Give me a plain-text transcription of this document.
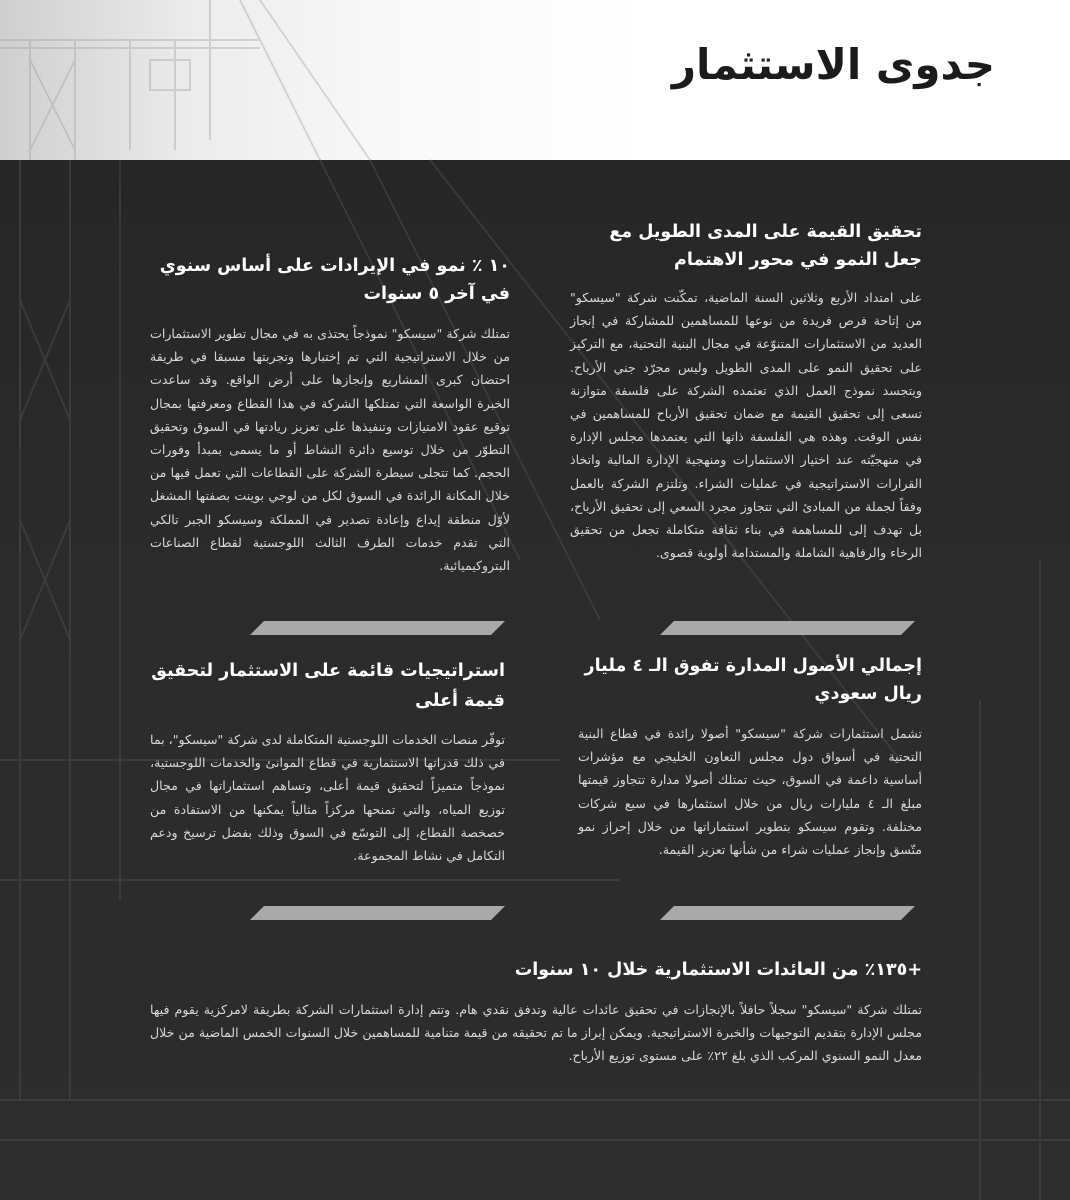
جدوى الاستثمار
تحقيق القيمة على المدى الطويل مع جعل النمو في محور الاهتمام

على امتداد الأربع وثلاثين السنة الماضية، تمكّنت شركة "سيسكو" من إتاحة فرص فريدة من نوعها للمساهمين للمشاركة في إنجاز العديد من الاستثمارات المتنوّعة في مجال البنية التحتية، مع التركيز على تحقيق النمو على المدى الطويل وليس مجرّد جني الأرباح. ويتجسد نموذج العمل الذي تعتمده الشركة على فلسفة متوازنة تسعى إلى تحقيق القيمة مع ضمان تحقيق الأرباح للمساهمين في نفس الوقت. وهذه هي الفلسفة ذاتها التي يعتمدها مجلس الإدارة في منهجيّته عند اختيار الاستثمارات ومنهجية الإدارة المالية واتخاذ القرارات الاستراتيجية في عمليات الشراء. وتلتزم الشركة بالعمل وفقاً لجملة من المبادئ التي تتجاوز مجرد السعي إلى تحقيق الأرباح، بل تهدف إلى للمساهمة في بناء ثقافة متكاملة تجعل من تحقيق الرخاء والرفاهية الشاملة والمستدامة أولوية قصوى.

١٠ ٪ نمو في الإيرادات على أساس سنوي في آخر ٥ سنوات

تمتلك شركة "سيسكو" نموذجاً يحتذى به في مجال تطوير الاستثمارات من خلال الاستراتيجية التي تم إختبارها وتجربتها مسبقا في طريقة احتضان كبرى المشاريع وإنجازها على أرض الواقع. وقد ساعدت الخبرة الواسعة التي تمتلكها الشركة في هذا القطاع ومعرفتها بمجال توقيع عقود الامتيازات وتنفيذها على تعزيز ريادتها في السوق وتحقيق التطوّر من خلال توسيع دائرة النشاط أو ما يسمى بمبدأ وفورات الحجم. كما تتجلى سيطرة الشركة على القطاعات التي تعمل فيها من خلال المكانة الرائدة في السوق لكل من لوجي بوينت بصفتها المشغل لأوّل منطقة إيداع وإعادة تصدير في المملكة وسيسكو الجبر تالكي التي تقدم خدمات الطرف الثالث اللوجستية لقطاع الصناعات البتروكيميائية.

إجمالي الأصول المدارة تفوق الـ ٤ مليار ريال سعودي

تشمل استثمارات شركة "سيسكو" أصولا رائدة في قطاع البنية التحتية في أسواق دول مجلس التعاون الخليجي مع مؤشرات أساسية داعمة في السوق، حيث تمتلك أصولا مدارة تتجاوز قيمتها مبلغ الـ ٤ مليارات ريال من خلال استثمارها في سبع شركات مختلفة. وتقوم سيسكو بتطوير استثماراتها من خلال إحراز نمو متّسق وإنجاز عمليات شراء من شأنها تعزيز القيمة.

استراتيجيات قائمة على الاستثمار لتحقيق قيمة أعلى

توفّر منصات الخدمات اللوجستية المتكاملة لدى شركة "سيسكو"، بما في ذلك قدراتها الاستثمارية في قطاع الموانئ والخدمات اللوجستية، نموذجاً متميزاً لتحقيق قيمة أعلى، وتساهم استثماراتها في مجال توزيع المياه، والتي تمنحها مركزاً مثالياً يمكنها من الاستفادة من خصخصة القطاع، إلى التوسّع في السوق وذلك بفضل ترسيخ ودعم التكامل في نشاط المجموعة.

+١٣٥٪ من العائدات الاستثمارية خلال ١٠ سنوات

تمتلك شركة "سيسكو" سجلاً حافلاً بالإنجازات في تحقيق عائدات عالية وتدفق نقدي هام. وتتم إدارة استثمارات الشركة بطريقة لامركزية يقوم فيها مجلس الإدارة بتقديم التوجيهات والخبرة الاستراتيجية. ويمكن إبراز ما تم تحقيقه من قيمة متنامية للمساهمين خلال السنوات الخمس الماضية من خلال معدل النمو السنوي المركب الذي بلغ ٢٢٪ على مستوى توزيع الأرباح.
